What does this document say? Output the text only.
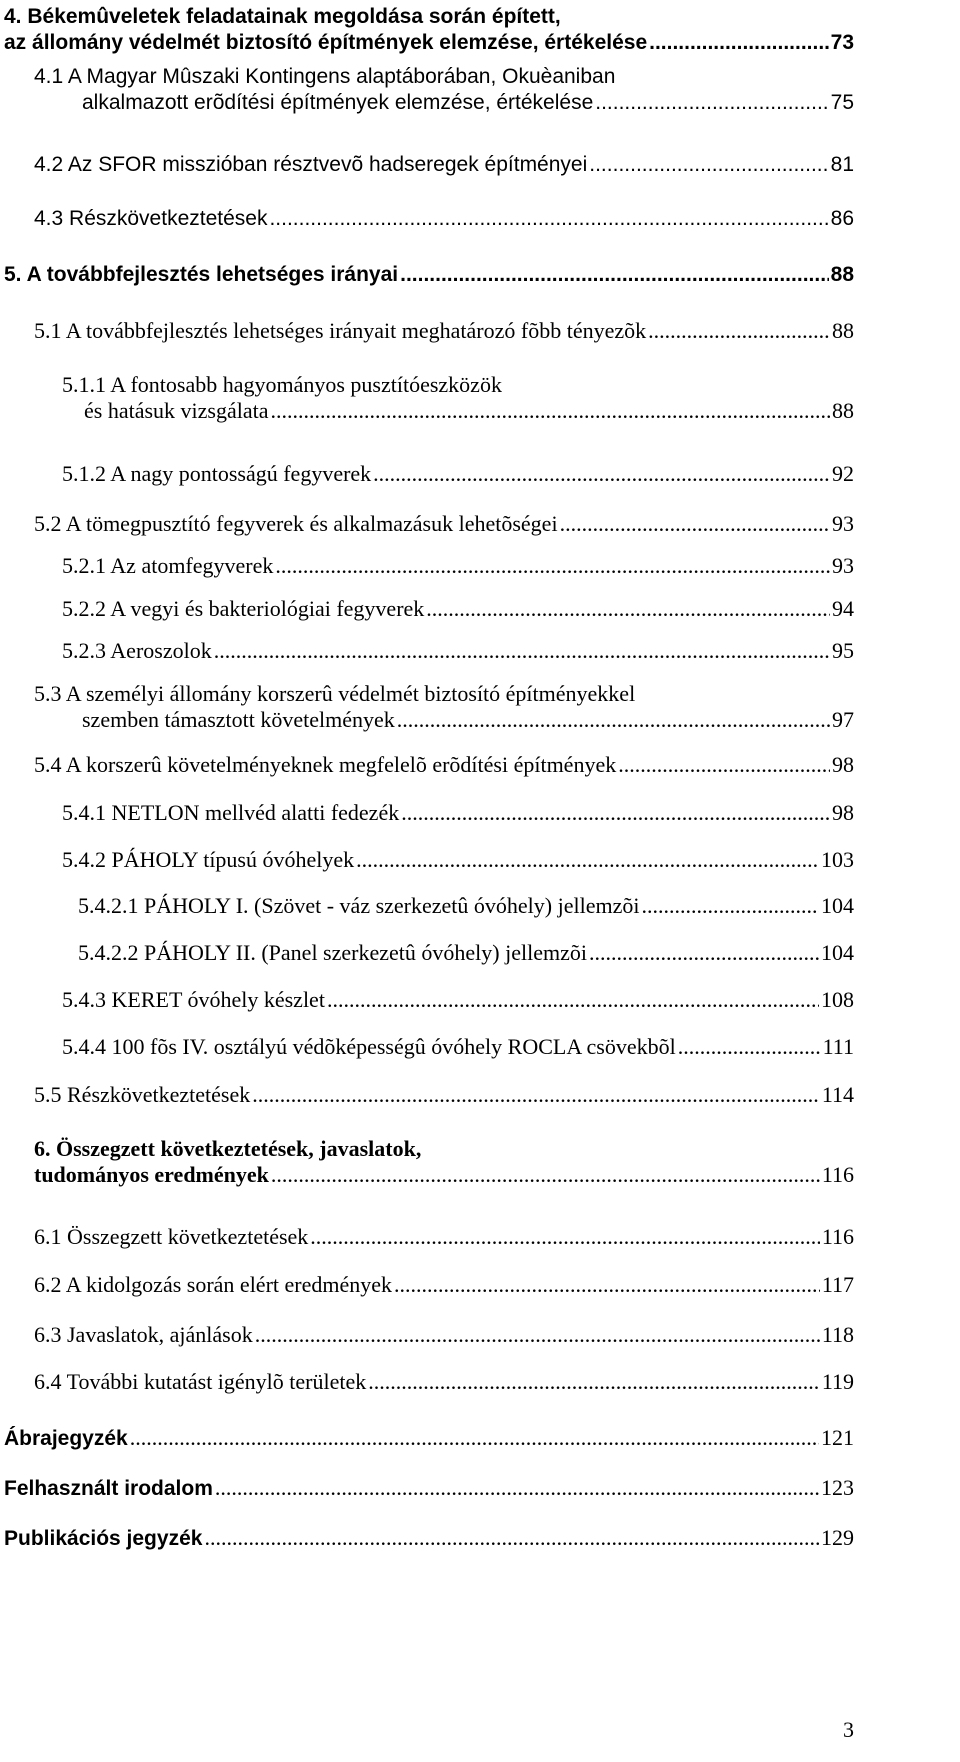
4. Békemûveletek feladatainak megoldása során épített,
az állomány védelmét biztosító építmények elemzése, értékelése .....	73
4.1 A Magyar Mûszaki Kontingens alaptáborában, Okuèaniban
alkalmazott erõdítési építmények elemzése, értékelése .....	75
4.2 Az SFOR misszióban résztvevõ hadseregek építményei .....	81
4.3 Részkövetkeztetések .....	86
5. A továbbfejlesztés lehetséges irányai .....	88
5.1 A továbbfejlesztés lehetséges irányait meghatározó fõbb tényezõk .....	88
5.1.1 A fontosabb hagyományos pusztítóeszközök
és hatásuk vizsgálata .....	88
5.1.2 A nagy pontosságú fegyverek .....	92
5.2 A tömegpusztító fegyverek és alkalmazásuk lehetõségei .....	93
5.2.1 Az atomfegyverek .....	93
5.2.2 A vegyi és bakteriológiai fegyverek .....	94
5.2.3 Aeroszolok .....	95
5.3 A személyi állomány korszerû védelmét biztosító építményekkel
szemben támasztott követelmények .....	97
5.4 A korszerû követelményeknek megfelelõ erõdítési építmények .....	98
5.4.1 NETLON mellvéd alatti fedezék .....	98
5.4.2 PÁHOLY típusú óvóhelyek .....	103
5.4.2.1 PÁHOLY I. (Szövet - váz szerkezetû óvóhely) jellemzõi .....	104
5.4.2.2 PÁHOLY II. (Panel szerkezetû óvóhely) jellemzõi .....	104
5.4.3 KERET óvóhely készlet .....	108
5.4.4 100 fõs IV. osztályú védõképességû óvóhely ROCLA csövekbõl .....	111
5.5 Részkövetkeztetések .....	114
6. Összegzett következtetések, javaslatok,
tudományos eredmények .....	116
6.1 Összegzett következtetések .....	116
6.2 A kidolgozás során elért eredmények .....	117
6.3 Javaslatok, ajánlások .....	118
6.4 További kutatást igénylõ területek .....	119
Ábrajegyzék .....	121
Felhasznált irodalom .....	123
Publikációs jegyzék .....	129
3
